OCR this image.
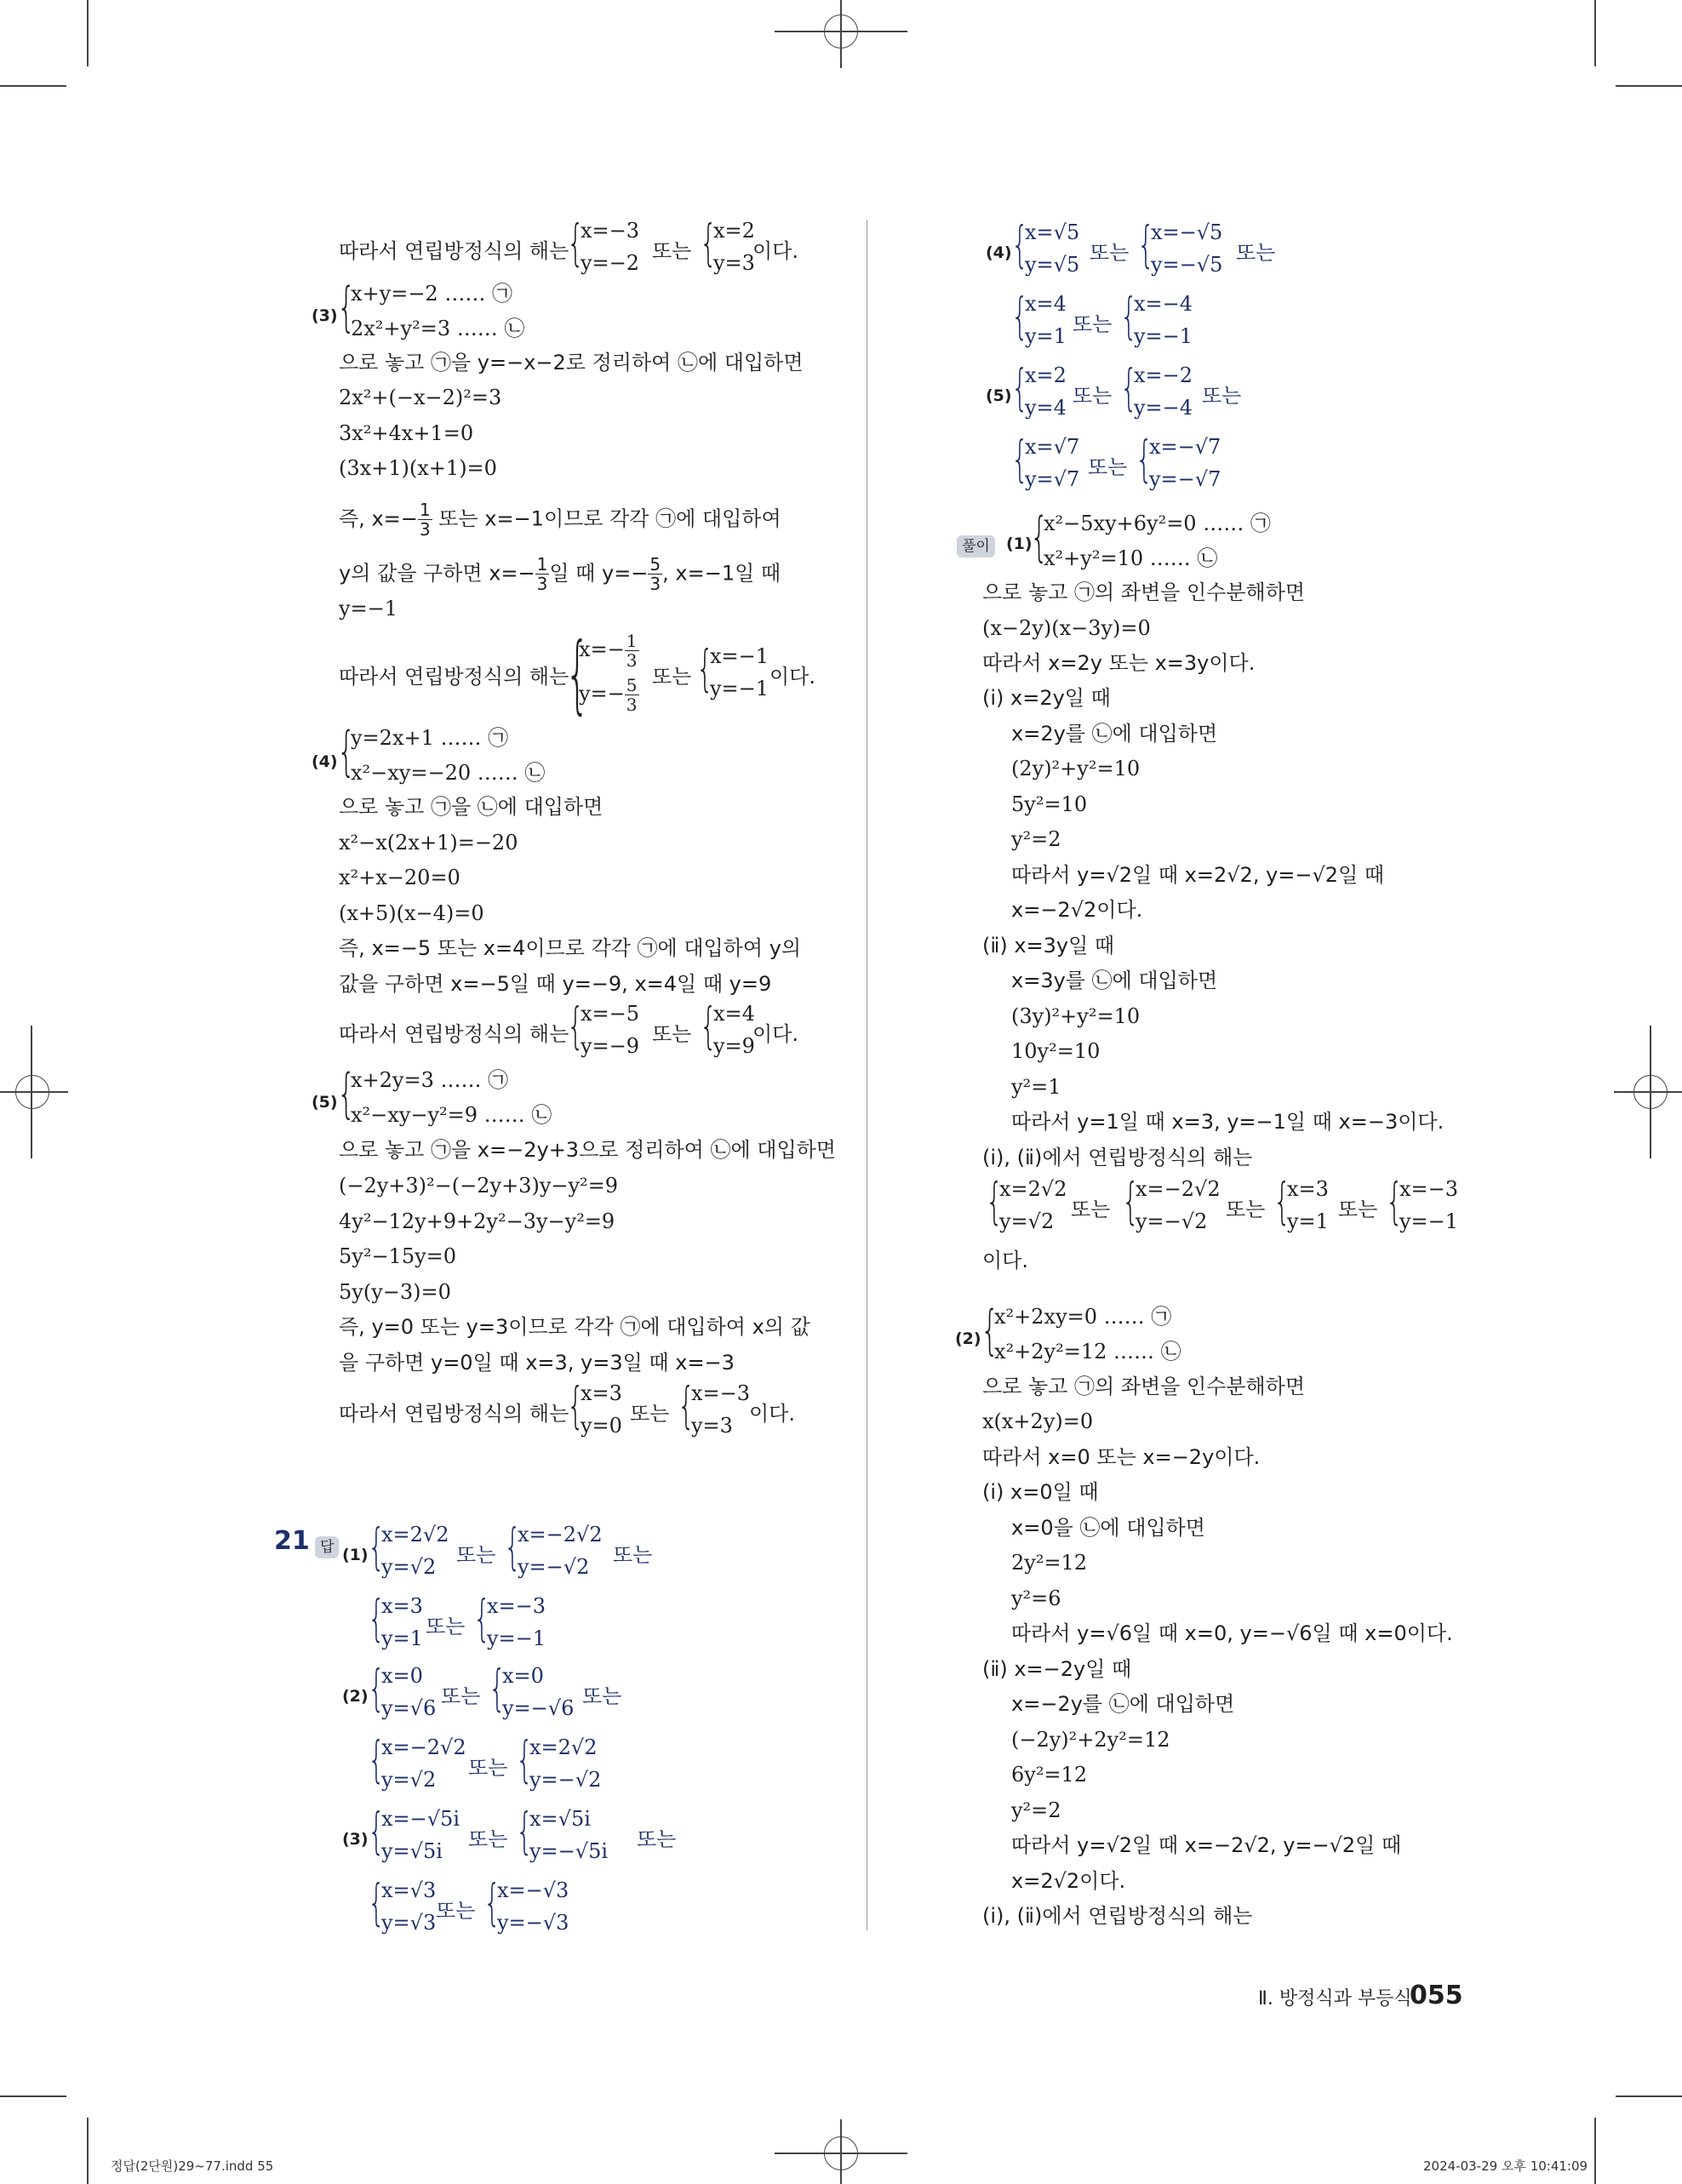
따라서 연립방정식의 해는
{
x=−3
y=−2 또는 {
x=2
y=3
이다.
(3) {
x+y=−2 …… ㉠
2x²+y²=3 …… ㉡
으로 놓고 ㉠을 y=−x−2로 정리하여 ㉡에 대입하면
2x²+(−x−2)²=3
3x²+4x+1=0
(3x+1)(x+1)=0
즉, $x=- \frac{1}{3}$ 또는 x=−1이므로 각각 ㉠에 대입하여
y의 값을 구하면 $x=- \frac{1}{3}$ 일 때 $y=- \frac{5}{3}$ , x=−1일 때
y=−1
따라서 연립방정식의 해는
{
$x=- \frac{1}{3}$
$y=- \frac{5}{3}$ 또는 {
x=−1
y=−1 이다.
(4) {
y=2x+1 …… ㉠
x²−xy=−20 …… ㉡
으로 놓고 ㉠을 ㉡에 대입하면
x²−x(2x+1)=−20
x²+x−20=0
(x+5)(x−4)=0
즉, x=−5 또는 x=4이므로 각각 ㉠에 대입하여 y의
값을 구하면 x=−5일 때 y=−9, x=4일 때 y=9
따라서 연립방정식의 해는
{
x=−5
y=−9 또는 {
x=4
y=9
이다.
(5) {
x+2y=3 …… ㉠
x²−xy−y²=9 …… ㉡
으로 놓고 ㉠을 x=−2y+3으로 정리하여 ㉡에 대입하면
(−2y+3)²−(−2y+3)y−y²=9
4y²−12y+9+2y²−3y−y²=9
5y²−15y=0
5y(y−3)=0
즉, y=0 또는 y=3이므로 각각 ㉠에 대입하여 x의 값
을 구하면 y=0일 때 x=3, y=3일 때 x=−3
따라서 연립방정식의 해는
{
x=3
y=0 또는 {
x=−3
y=3 이다.
21 답 (1) {
x=2√2
y=√2 또는 {
x=−2√2
y=−√2 또는
{
x=3
y=1 또는 {
x=−3
y=−1
(2) {
x=0
y=√6 또는 {
x=0
y=−√6 또는
{
x=−2√2
y=√2 또는 {
x=2√2
y=−√2
(3) {
x=−√5i
y=√5i 또는 {
x=√5i
y=−√5i 또는
{
x=√3
y=√3 또는 {
x=−√3
y=−√3
(4) {
x=√5
y=√5 또는 {
x=−√5
y=−√5 또는
{
x=4
y=1 또는 {
x=−4
y=−1
(5) {
x=2
y=4 또는 {
x=−2
y=−4 또는
{
x=√7
y=√7 또는 {
x=−√7
y=−√7
풀이	(1)
{
x²−5xy+6y²=0 …… ㉠
x²+y²=10 …… ㉡
으로 놓고 ㉠의 좌변을 인수분해하면
(x−2y)(x−3y)=0
따라서 x=2y 또는 x=3y이다.
(ⅰ) x=2y일 때
x=2y를 ㉡에 대입하면
(2y)²+y²=10
5y²=10
y²=2
따라서 y=√2일 때 x=2√2, y=−√2일 때
x=−2√2이다.
(ⅱ) x=3y일 때
x=3y를 ㉡에 대입하면
(3y)²+y²=10
10y²=10
y²=1
따라서 y=1일 때 x=3, y=−1일 때 x=−3이다.
(ⅰ), (ⅱ)에서 연립방정식의 해는
{
x=2√2
y=√2 또는 {
x=−2√2
y=−√2 또는 {
x=3
y=1 또는 {
x=−3
y=−1
이다.
(2) {
x²+2xy=0 …… ㉠
x²+2y²=12 …… ㉡
으로 놓고 ㉠의 좌변을 인수분해하면
x(x+2y)=0
따라서 x=0 또는 x=−2y이다.
(ⅰ) x=0일 때
x=0을 ㉡에 대입하면
2y²=12
y²=6
따라서 y=√6일 때 x=0, y=−√6일 때 x=0이다.
(ⅱ) x=−2y일 때
x=−2y를 ㉡에 대입하면
(−2y)²+2y²=12
6y²=12
y²=2
따라서 y=√2일 때 x=−2√2, y=−√2일 때
x=2√2이다.
(ⅰ), (ⅱ)에서 연립방정식의 해는
Ⅱ. 방정식과 부등식
055
정답(2단원)29~77.indd 55	2024-03-29 오후 10:41:09
